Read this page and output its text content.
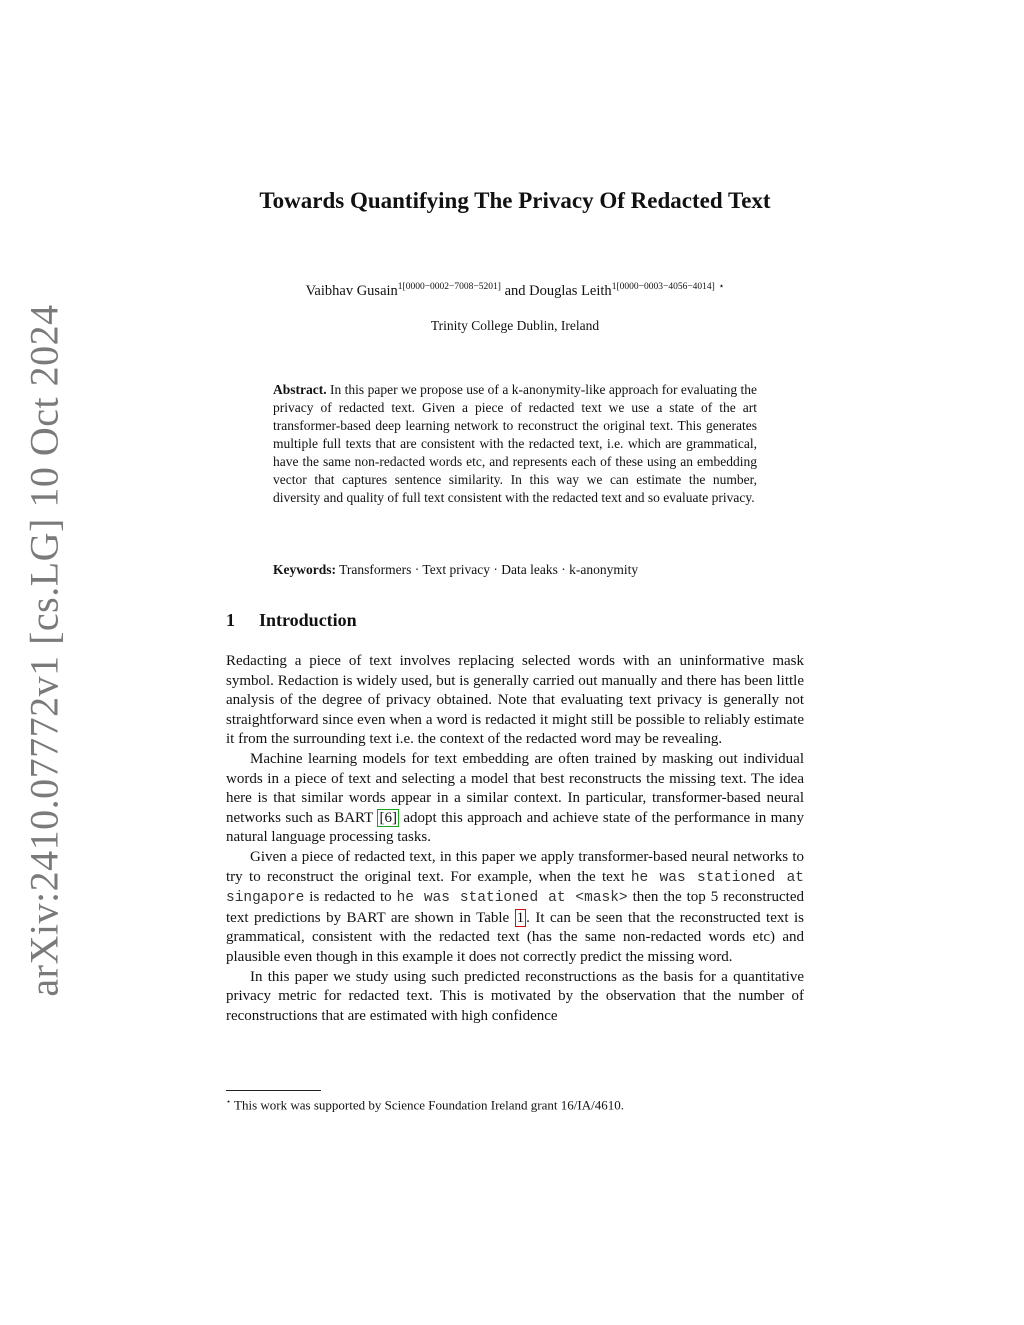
arXiv:2410.07772v1 [cs.LG] 10 Oct 2024
Towards Quantifying The Privacy Of Redacted Text
Vaibhav Gusain$^{1[0000-0002-7008-5201]}$ and Douglas Leith$^{1[0000-0003-4056-4014]}$ ⋆
Trinity College Dublin, Ireland
Abstract. In this paper we propose use of a k-anonymity-like approach for evaluating the privacy of redacted text. Given a piece of redacted text we use a state of the art transformer-based deep learning network to reconstruct the original text. This generates multiple full texts that are consistent with the redacted text, i.e. which are grammatical, have the same non-redacted words etc, and represents each of these using an embedding vector that captures sentence similarity. In this way we can estimate the number, diversity and quality of full text consistent with the redacted text and so evaluate privacy.
Keywords: Transformers · Text privacy · Data leaks · k-anonymity
1 Introduction

Redacting a piece of text involves replacing selected words with an uninformative mask symbol. Redaction is widely used, but is generally carried out manually and there has been little analysis of the degree of privacy obtained. Note that evaluating text privacy is generally not straightforward since even when a word is redacted it might still be possible to reliably estimate it from the surrounding text i.e. the context of the redacted word may be revealing.

Machine learning models for text embedding are often trained by masking out individual words in a piece of text and selecting a model that best reconstructs the missing text. The idea here is that similar words appear in a similar context. In particular, transformer-based neural networks such as BART [6] adopt this approach and achieve state of the performance in many natural language processing tasks.

Given a piece of redacted text, in this paper we apply transformer-based neural networks to try to reconstruct the original text. For example, when the text he was stationed at singapore is redacted to he was stationed at <mask> then the top 5 reconstructed text predictions by BART are shown in Table 1 . It can be seen that the reconstructed text is grammatical, consistent with the redacted text (has the same non-redacted words etc) and plausible even though in this example it does not correctly predict the missing word.

In this paper we study using such predicted reconstructions as the basis for a quantitative privacy metric for redacted text. This is motivated by the observation that the number of reconstructions that are estimated with high confidence

⋆ This work was supported by Science Foundation Ireland grant 16/IA/4610.
